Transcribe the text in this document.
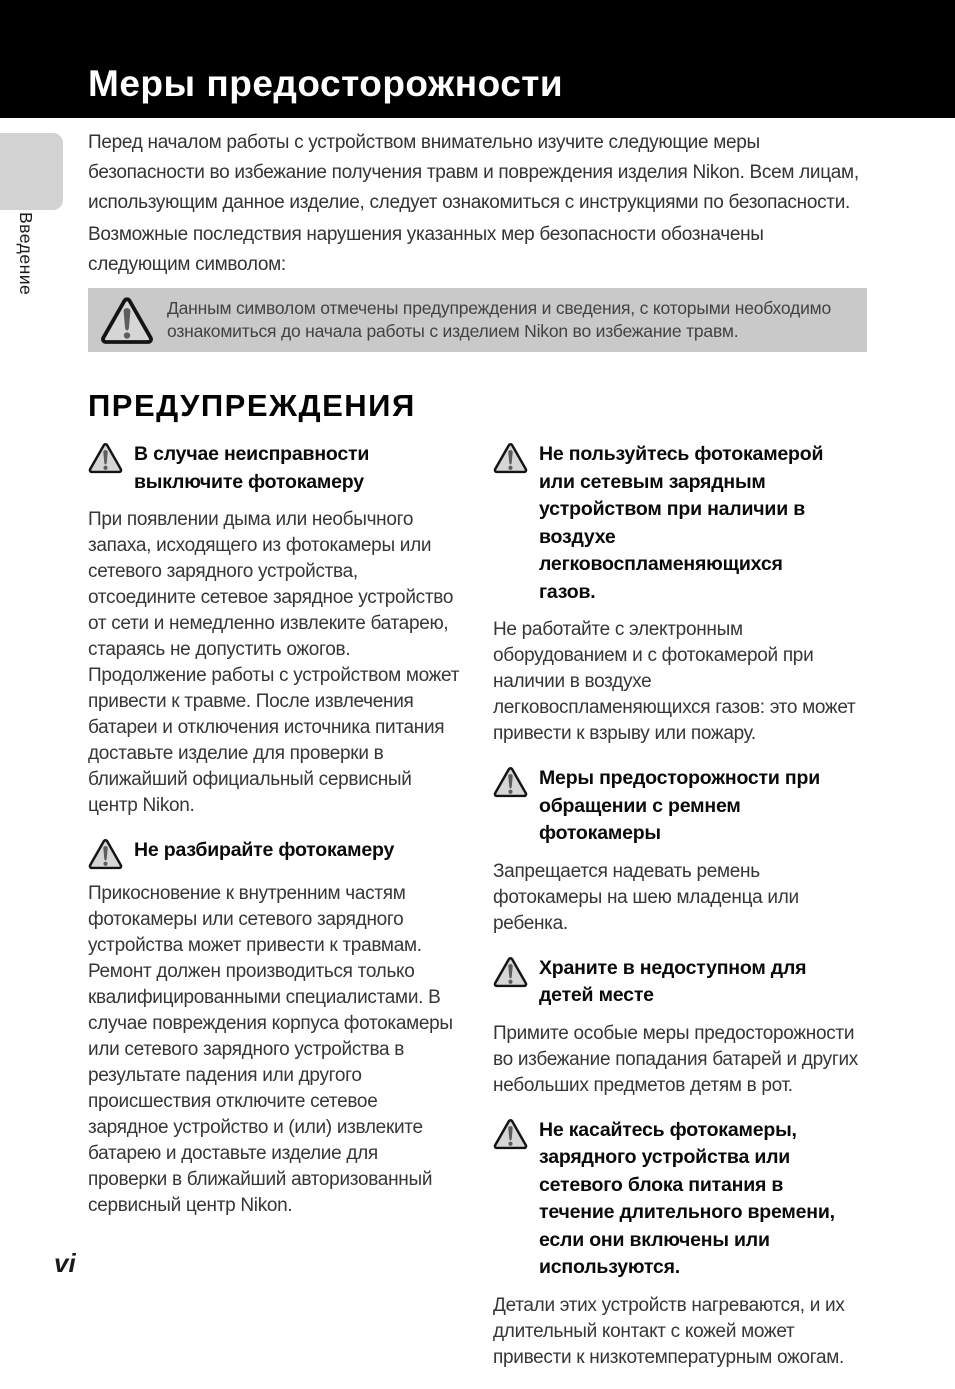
Меры предосторожности
Введение

Перед началом работы с устройством внимательно изучите следующие меры безопасности во избежание получения травм и повреждения изделия Nikon. Всем лицам, использующим данное изделие, следует ознакомиться с инструкциями по безопасности.

Возможные последствия нарушения указанных мер безопасности обозначены следующим символом:

Данным символом отмечены предупреждения и сведения, с которыми необходимо ознакомиться до начала работы с изделием Nikon во избежание травм.

ПРЕДУПРЕЖДЕНИЯ
В случае неисправности выключите фотокамеру

При появлении дыма или необычного запаха, исходящего из фотокамеры или сетевого зарядного устройства, отсоедините сетевое зарядное устройство от сети и немедленно извлеките батарею, стараясь не допустить ожогов. Продолжение работы с устройством может привести к травме. После извлечения батареи и отключения источника питания доставьте изделие для проверки в ближайший официальный сервисный центр Nikon.

Не разбирайте фотокамеру

Прикосновение к внутренним частям фотокамеры или сетевого зарядного устройства может привести к травмам. Ремонт должен производиться только квалифицированными специалистами. В случае повреждения корпуса фотокамеры или сетевого зарядного устройства в результате падения или другого происшествия отключите сетевое зарядное устройство и (или) извлеките батарею и доставьте изделие для проверки в ближайший авторизованный сервисный центр Nikon.

Не пользуйтесь фотокамерой или сетевым зарядным устройством при наличии в воздухе легковоспламеняющихся газов.

Не работайте с электронным оборудованием и с фотокамерой при наличии в воздухе легковоспламеняющихся газов: это может привести к взрыву или пожару.

Меры предосторожности при обращении с ремнем фотокамеры

Запрещается надевать ремень фотокамеры на шею младенца или ребенка.

Храните в недоступном для детей месте

Примите особые меры предосторожности во избежание попадания батарей и других небольших предметов детям в рот.

Не касайтесь фотокамеры, зарядного устройства или сетевого блока питания в течение длительного времени, если они включены или используются.

Детали этих устройств нагреваются, и их длительный контакт с кожей может привести к низкотемпературным ожогам.

vi
